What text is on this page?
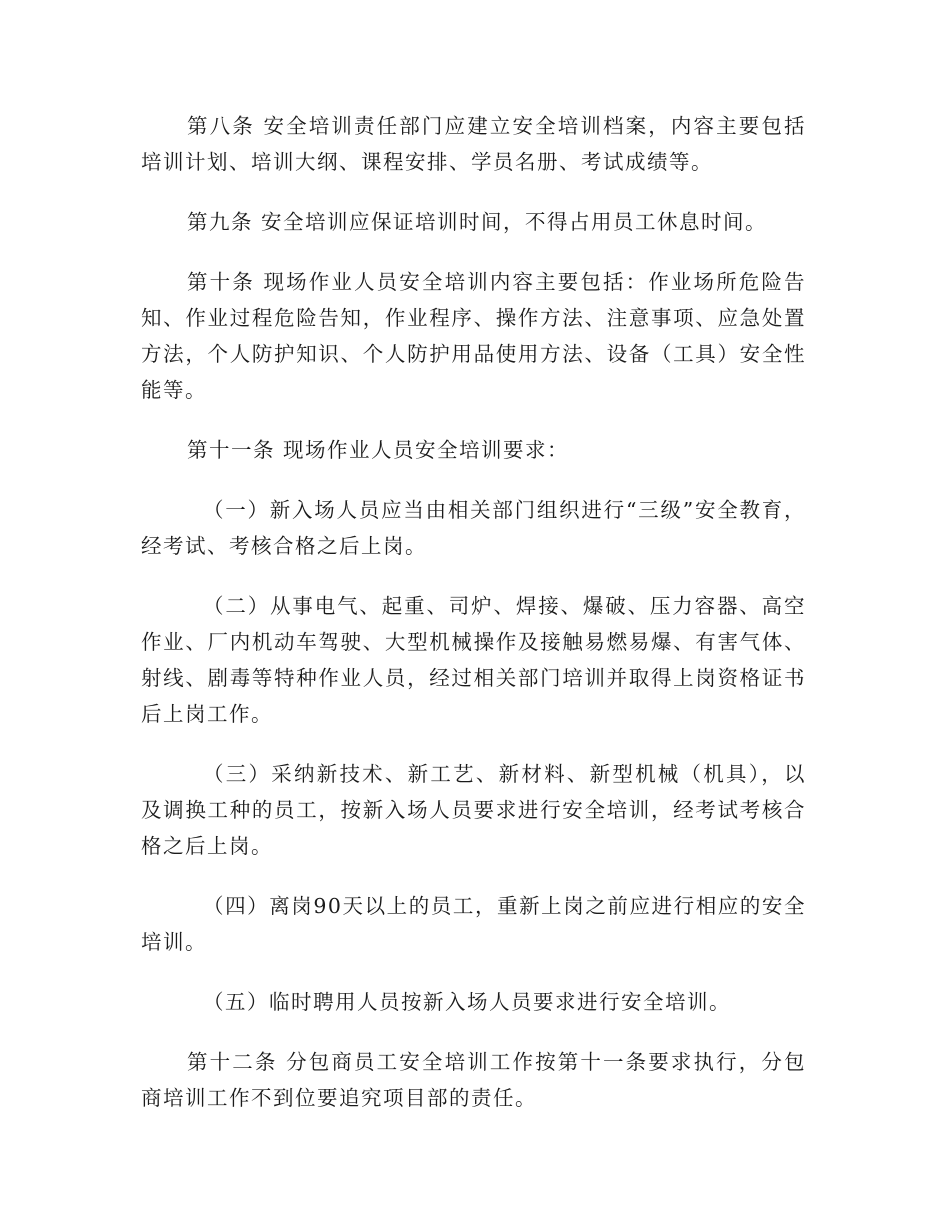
第八条 安全培训责任部门应建立安全培训档案，内容主要包括培训计划、培训大纲、课程安排、学员名册、考试成绩等。

第九条 安全培训应保证培训时间，不得占用员工休息时间。

第十条 现场作业人员安全培训内容主要包括：作业场所危险告知、作业过程危险告知，作业程序、操作方法、注意事项、应急处置方法，个人防护知识、个人防护用品使用方法、设备（工具）安全性能等。

第十一条 现场作业人员安全培训要求：

（一）新入场人员应当由相关部门组织进行“三级”安全教育，经考试、考核合格之后上岗。

（二）从事电气、起重、司炉、焊接、爆破、压力容器、高空作业、厂内机动车驾驶、大型机械操作及接触易燃易爆、有害气体、射线、剧毒等特种作业人员，经过相关部门培训并取得上岗资格证书后上岗工作。

（三）采纳新技术、新工艺、新材料、新型机械（机具），以及调换工种的员工，按新入场人员要求进行安全培训，经考试考核合格之后上岗。

（四）离岗90天以上的员工，重新上岗之前应进行相应的安全培训。

（五）临时聘用人员按新入场人员要求进行安全培训。

第十二条 分包商员工安全培训工作按第十一条要求执行，分包商培训工作不到位要追究项目部的责任。
